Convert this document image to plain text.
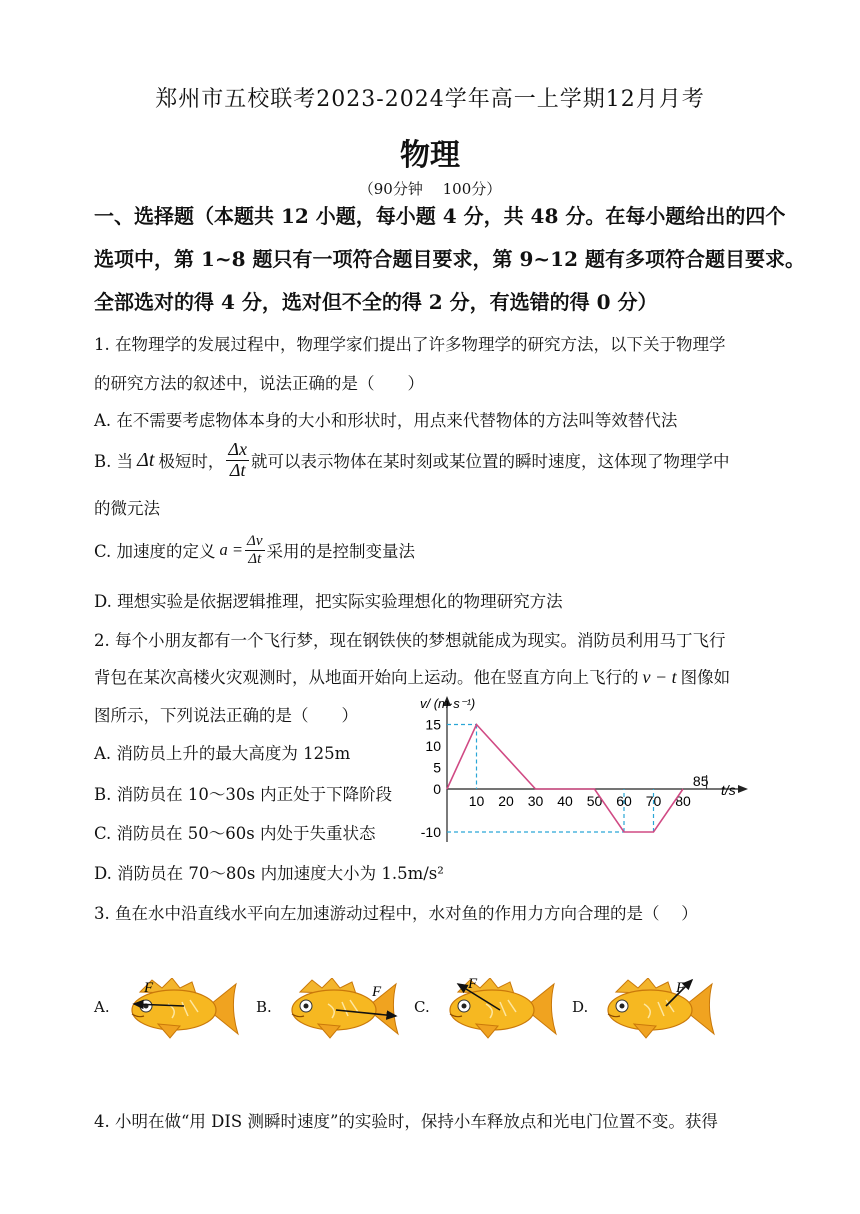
郑州市五校联考2023-2024学年高一上学期12月月考
物理
（90分钟　 100分）
一、选择题（本题共 12 小题，每小题 4 分，共 48 分。在每小题给出的四个
选项中，第 1~8 题只有一项符合题目要求，第 9~12 题有多项符合题目要求。
全部选对的得 4 分，选对但不全的得 2 分，有选错的得 0 分）
1. 在物理学的发展过程中，物理学家们提出了许多物理学的研究方法，以下关于物理学
的研究方法的叙述中，说法正确的是（　　）
A. 在不需要考虑物体本身的大小和形状时，用点来代替物体的方法叫等效替代法
B. 当 Δt 极短时， $\frac{\Delta x}{\Delta t}$ 就可以表示物体在某时刻或某位置的瞬时速度，这体现了物理学中
的微元法
C. 加速度的定义 $a = \frac{\Delta v}{\Delta t}$ 采用的是控制变量法
D. 理想实验是依据逻辑推理，把实际实验理想化的物理研究方法
2. 每个小朋友都有一个飞行梦，现在钢铁侠的梦想就能成为现实。消防员利用马丁飞行
背包在某次高楼火灾观测时，从地面开始向上运动。他在竖直方向上飞行的 v − t 图像如
图所示，下列说法正确的是（　　）
A. 消防员上升的最大高度为 125m
B. 消防员在 10～30s 内正处于下降阶段
C. 消防员在 50～60s 内处于失重状态
D. 消防员在 70～80s 内加速度大小为 1.5m/s²
v/ (m·s⁻¹)
t/s
10 20 30 40 50 60 70 80
15
10
5
0
-10
85
3. 鱼在水中沿直线水平向左加速游动过程中，水对鱼的作用力方向合理的是（　 ）
A.	B.	C.	D.
F	F	F	F
4. 小明在做“用 DIS 测瞬时速度”的实验时，保持小车释放点和光电门位置不变。获得
